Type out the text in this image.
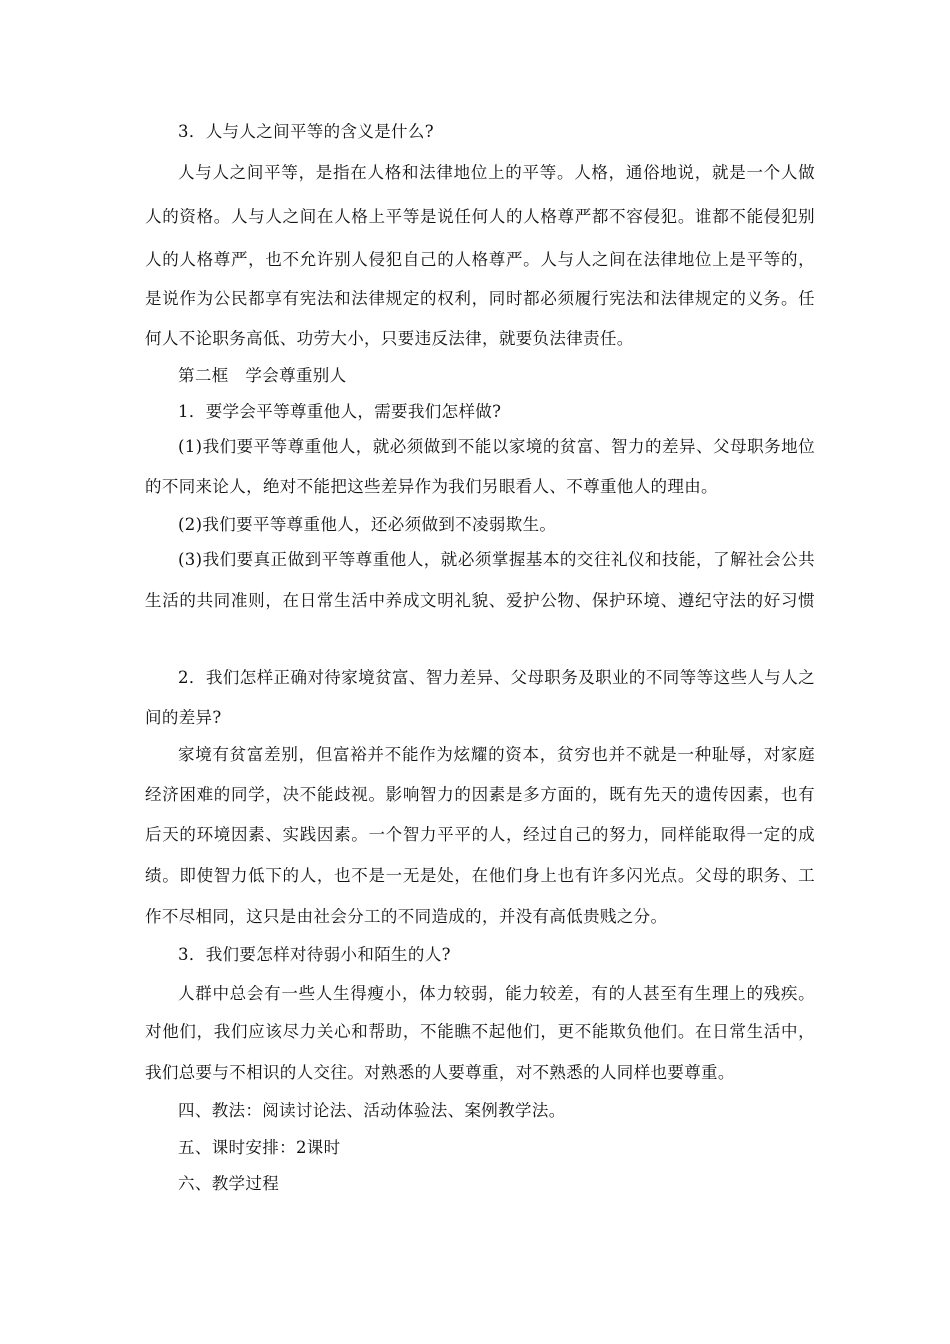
3．人与人之间平等的含义是什么?
人与人之间平等，是指在人格和法律地位上的平等。人格，通俗地说，就是一个人做
人的资格。人与人之间在人格上平等是说任何人的人格尊严都不容侵犯。谁都不能侵犯别
人的人格尊严，也不允许别人侵犯自己的人格尊严。人与人之间在法律地位上是平等的，
是说作为公民都享有宪法和法律规定的权利，同时都必须履行宪法和法律规定的义务。任
何人不论职务高低、功劳大小，只要违反法律，就要负法律责任。
第二框　学会尊重别人
1．要学会平等尊重他人，需要我们怎样做?
(1)我们要平等尊重他人，就必须做到不能以家境的贫富、智力的差异、父母职务地位
的不同来论人，绝对不能把这些差异作为我们另眼看人、不尊重他人的理由。
(2)我们要平等尊重他人，还必须做到不凌弱欺生。
(3)我们要真正做到平等尊重他人，就必须掌握基本的交往礼仪和技能，了解社会公共
生活的共同准则，在日常生活中养成文明礼貌、爱护公物、保护环境、遵纪守法的好习惯
2．我们怎样正确对待家境贫富、智力差异、父母职务及职业的不同等等这些人与人之
间的差异?
家境有贫富差别，但富裕并不能作为炫耀的资本，贫穷也并不就是一种耻辱，对家庭
经济困难的同学，决不能歧视。影响智力的因素是多方面的，既有先天的遗传因素，也有
后天的环境因素、实践因素。一个智力平平的人，经过自己的努力，同样能取得一定的成
绩。即使智力低下的人，也不是一无是处，在他们身上也有许多闪光点。父母的职务、工
作不尽相同，这只是由社会分工的不同造成的，并没有高低贵贱之分。
3．我们要怎样对待弱小和陌生的人?
人群中总会有一些人生得瘦小，体力较弱，能力较差，有的人甚至有生理上的残疾。
对他们，我们应该尽力关心和帮助，不能瞧不起他们，更不能欺负他们。在日常生活中，
我们总要与不相识的人交往。对熟悉的人要尊重，对不熟悉的人同样也要尊重。
四、教法：阅读讨论法、活动体验法、案例教学法。
五、课时安排：2课时
六、教学过程
